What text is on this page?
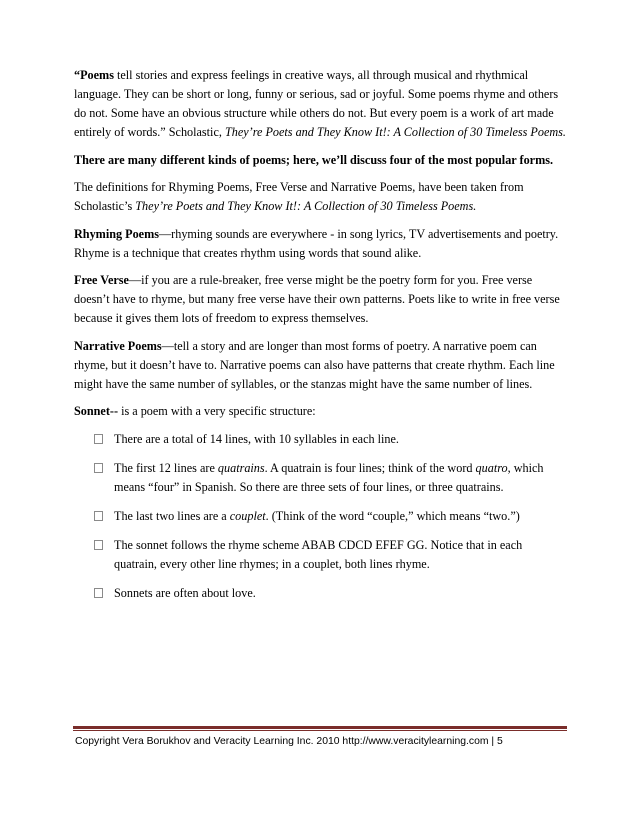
“Poems tell stories and express feelings in creative ways, all through musical and rhythmical language. They can be short or long, funny or serious, sad or joyful. Some poems rhyme and others do not. Some have an obvious structure while others do not. But every poem is a work of art made entirely of words.” Scholastic, They’re Poets and They Know It!: A Collection of 30 Timeless Poems.

There are many different kinds of poems; here, we’ll discuss four of the most popular forms.

The definitions for Rhyming Poems, Free Verse and Narrative Poems, have been taken from Scholastic’s They’re Poets and They Know It!: A Collection of 30 Timeless Poems.

Rhyming Poems—rhyming sounds are everywhere - in song lyrics, TV advertisements and poetry. Rhyme is a technique that creates rhythm using words that sound alike.

Free Verse—if you are a rule-breaker, free verse might be the poetry form for you. Free verse doesn’t have to rhyme, but many free verse have their own patterns. Poets like to write in free verse because it gives them lots of freedom to express themselves.

Narrative Poems—tell a story and are longer than most forms of poetry. A narrative poem can rhyme, but it doesn’t have to. Narrative poems can also have patterns that create rhythm. Each line might have the same number of syllables, or the stanzas might have the same number of lines.

Sonnet-- is a poem with a very specific structure:

There are a total of 14 lines, with 10 syllables in each line.
The first 12 lines are quatrains. A quatrain is four lines; think of the word quatro, which means “four” in Spanish. So there are three sets of four lines, or three quatrains.
The last two lines are a couplet. (Think of the word “couple,” which means “two.”)
The sonnet follows the rhyme scheme ABAB CDCD EFEF GG. Notice that in each quatrain, every other line rhymes; in a couplet, both lines rhyme.
Sonnets are often about love.
Copyright Vera Borukhov and Veracity Learning Inc. 2010 http://www.veracitylearning.com | 5
